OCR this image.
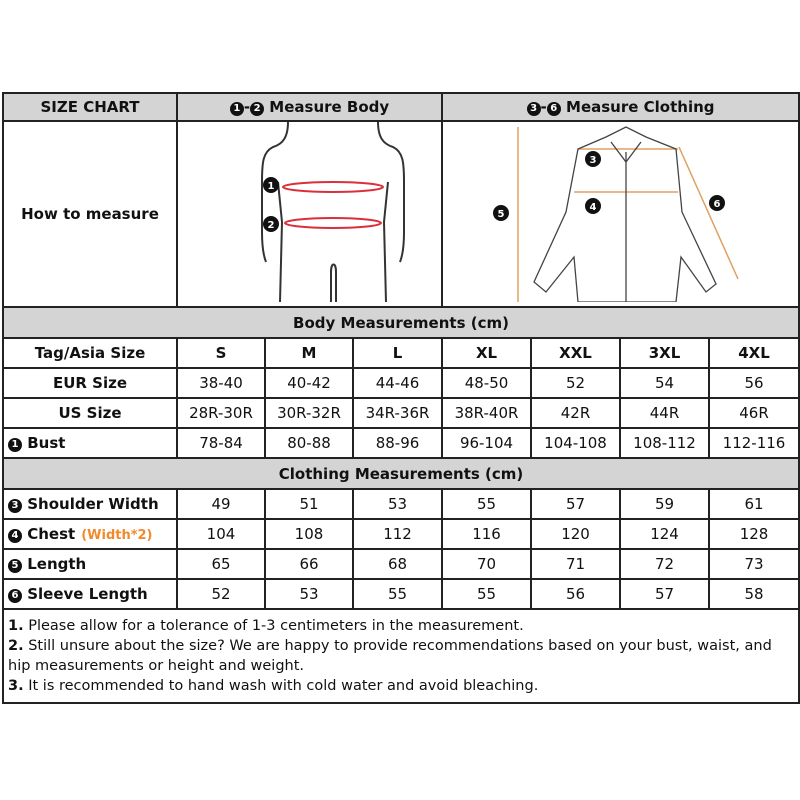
SIZE CHART	1 - 2 Measure Body			3 - 6 Measure Clothing			
How to measure	1
2			3
4
5
6			

Body Measurements (cm)							
Tag/Asia Size	S	M	L	XL	XXL	3XL	4XL
EUR Size	38-40	40-42	44-46	48-50	52	54	56
US Size	28R-30R	30R-32R	34R-36R	38R-40R	42R	44R	46R
1 Bust	78-84	80-88	88-96	96-104	104-108	108-112	112-116
Clothing Measurements (cm)							
3 Shoulder Width	49	51	53	55	57	59	61
4 Chest (Width*2)	104	108	112	116	120	124	128
5 Length	65	66	68	70	71	72	73
6 Sleeve Length	52	53	55	55	56	57	58

1. Please allow for a tolerance of 1-3 centimeters in the measurement.
2. Still unsure about the size? We are happy to provide recommendations based on your bust, waist, and hip measurements or height and weight.
3. It is recommended to hand wash with cold water and avoid bleaching.							
